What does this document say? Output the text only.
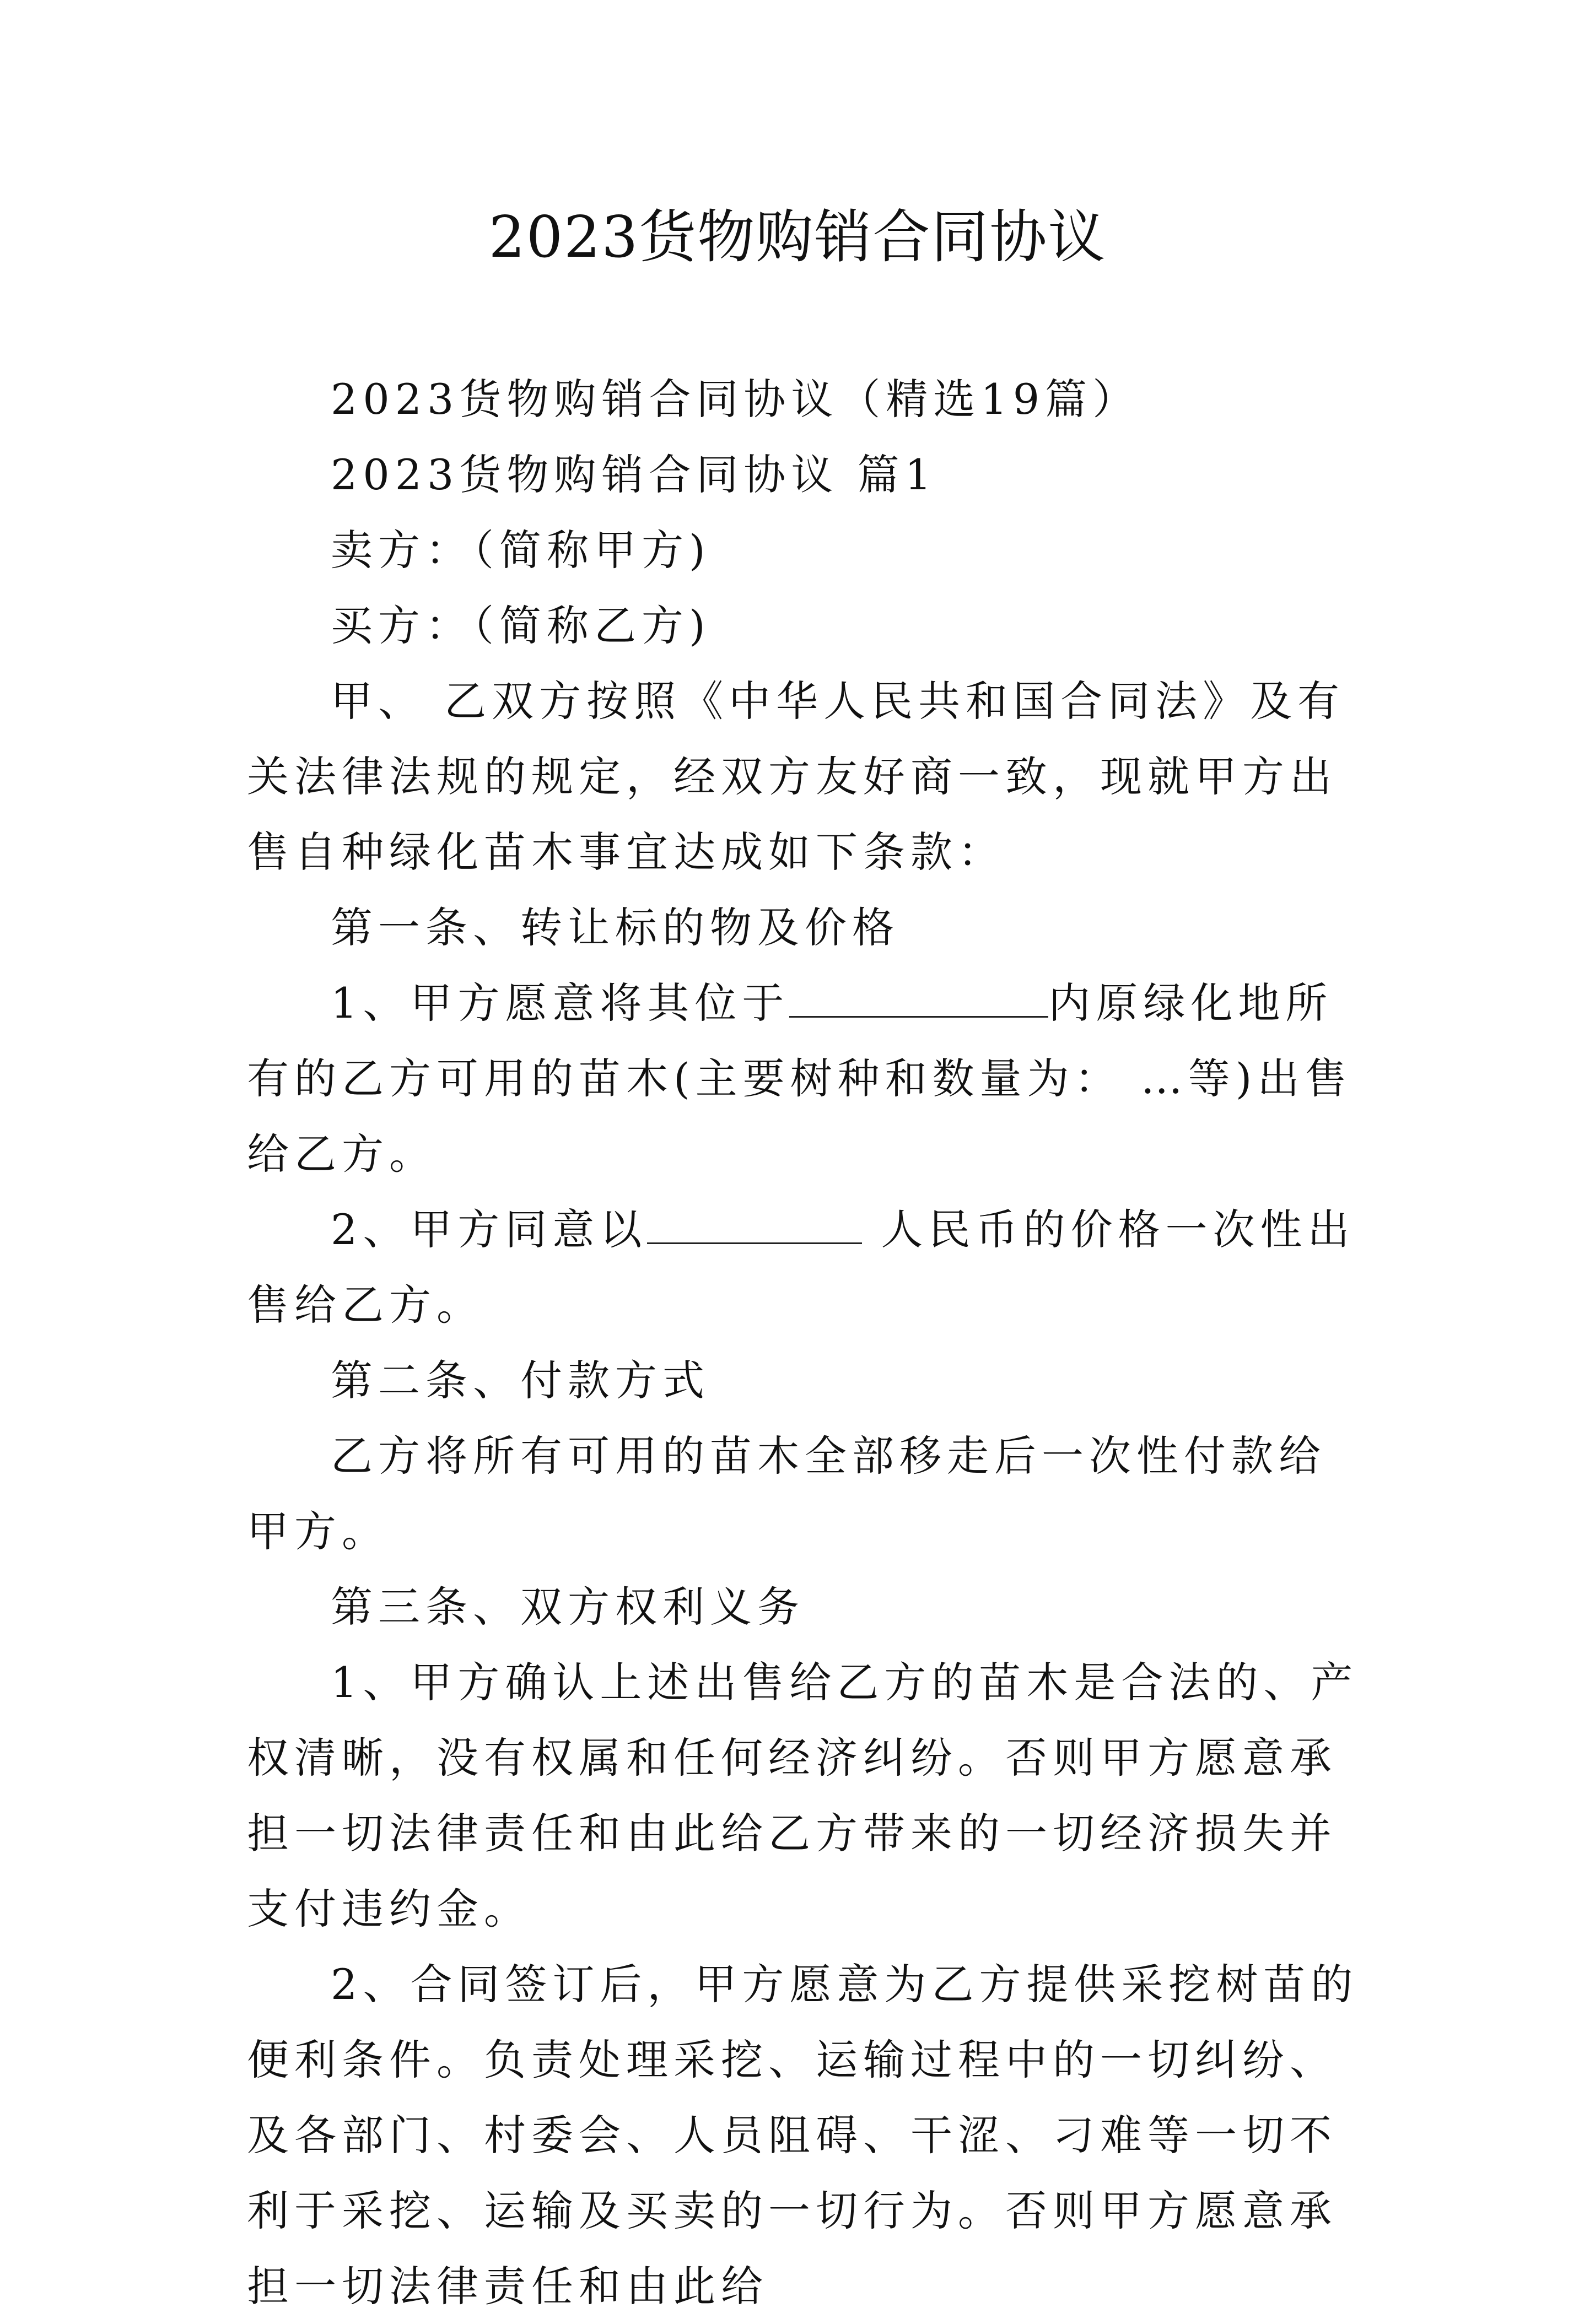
2023货物购销合同协议

2023货物购销合同协议（精选19篇）

2023货物购销合同协议 篇1

卖方：（简称甲方)

买方：（简称乙方)

甲、 乙双方按照《中华人民共和国合同法》及有关法律法规的规定，经双方友好商一致，现就甲方出售自种绿化苗木事宜达成如下条款：

第一条、转让标的物及价格

1、甲方愿意将其位于	内原绿化地所有的乙方可用的苗木(主要树种和数量为： …等)出售给乙方。

2、甲方同意以	人民币的价格一次性出售给乙方。

第二条、付款方式

乙方将所有可用的苗木全部移走后一次性付款给甲方。

第三条、双方权利义务

1、甲方确认上述出售给乙方的苗木是合法的、产权清晰，没有权属和任何经济纠纷。否则甲方愿意承担一切法律责任和由此给乙方带来的一切经济损失并支付违约金。

2、合同签订后，甲方愿意为乙方提供采挖树苗的便利条件。负责处理采挖、运输过程中的一切纠纷、及各部门、村委会、人员阻碍、干涩、刁难等一切不利于采挖、运输及买卖的一切行为。否则甲方愿意承担一切法律责任和由此给
